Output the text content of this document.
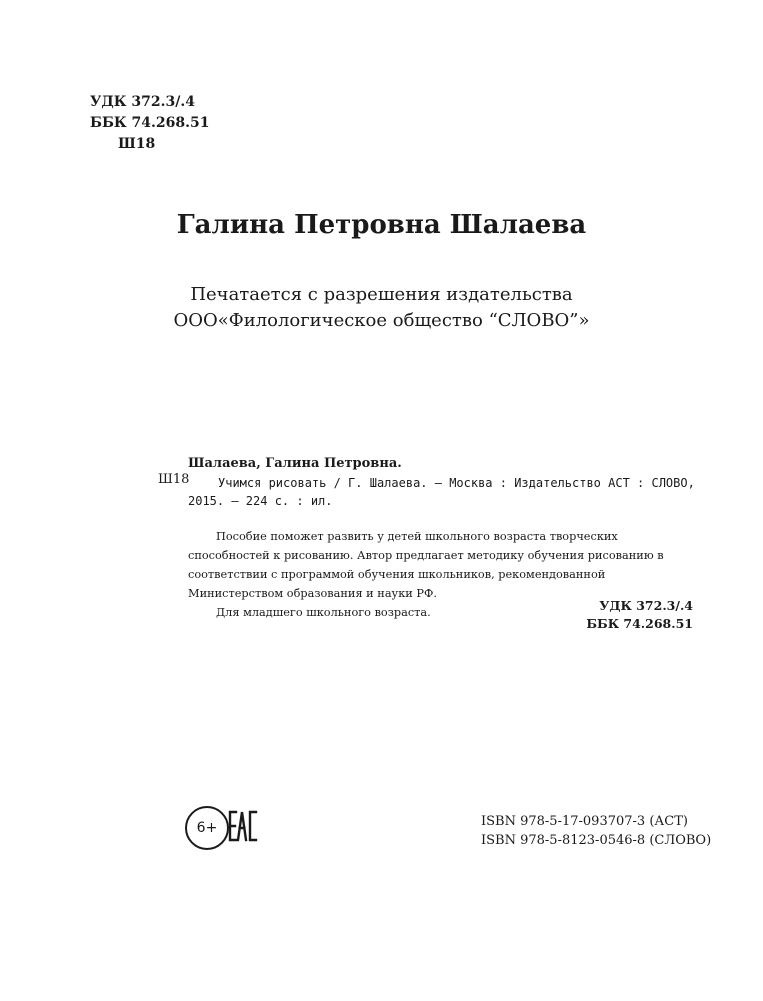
УДК 372.3/.4
ББК 74.268.51
Ш18
Галина Петровна Шалаева
Печатается с разрешения издательства
ООО«Филологическое общество “СЛОВО”»
Ш18
Шалаева, Галина Петровна.
Учимся рисовать / Г. Шалаева. — Москва : Издательство АСТ : СЛОВО, 2015. — 224 с. : ил.

Пособие поможет развить у детей школьного возраста творческих способностей к рисованию. Автор предлагает методику обучения рисованию в соответствии с программой обучения школьников, рекомендованной Министерством образования и науки РФ.

Для младшего школьного возраста.	УДК 372.3/.4
ББК 74.268.51
6+	ISBN 978-5-17-093707-3 (АСТ)
ISBN 978-5-8123-0546-8 (СЛОВО)
